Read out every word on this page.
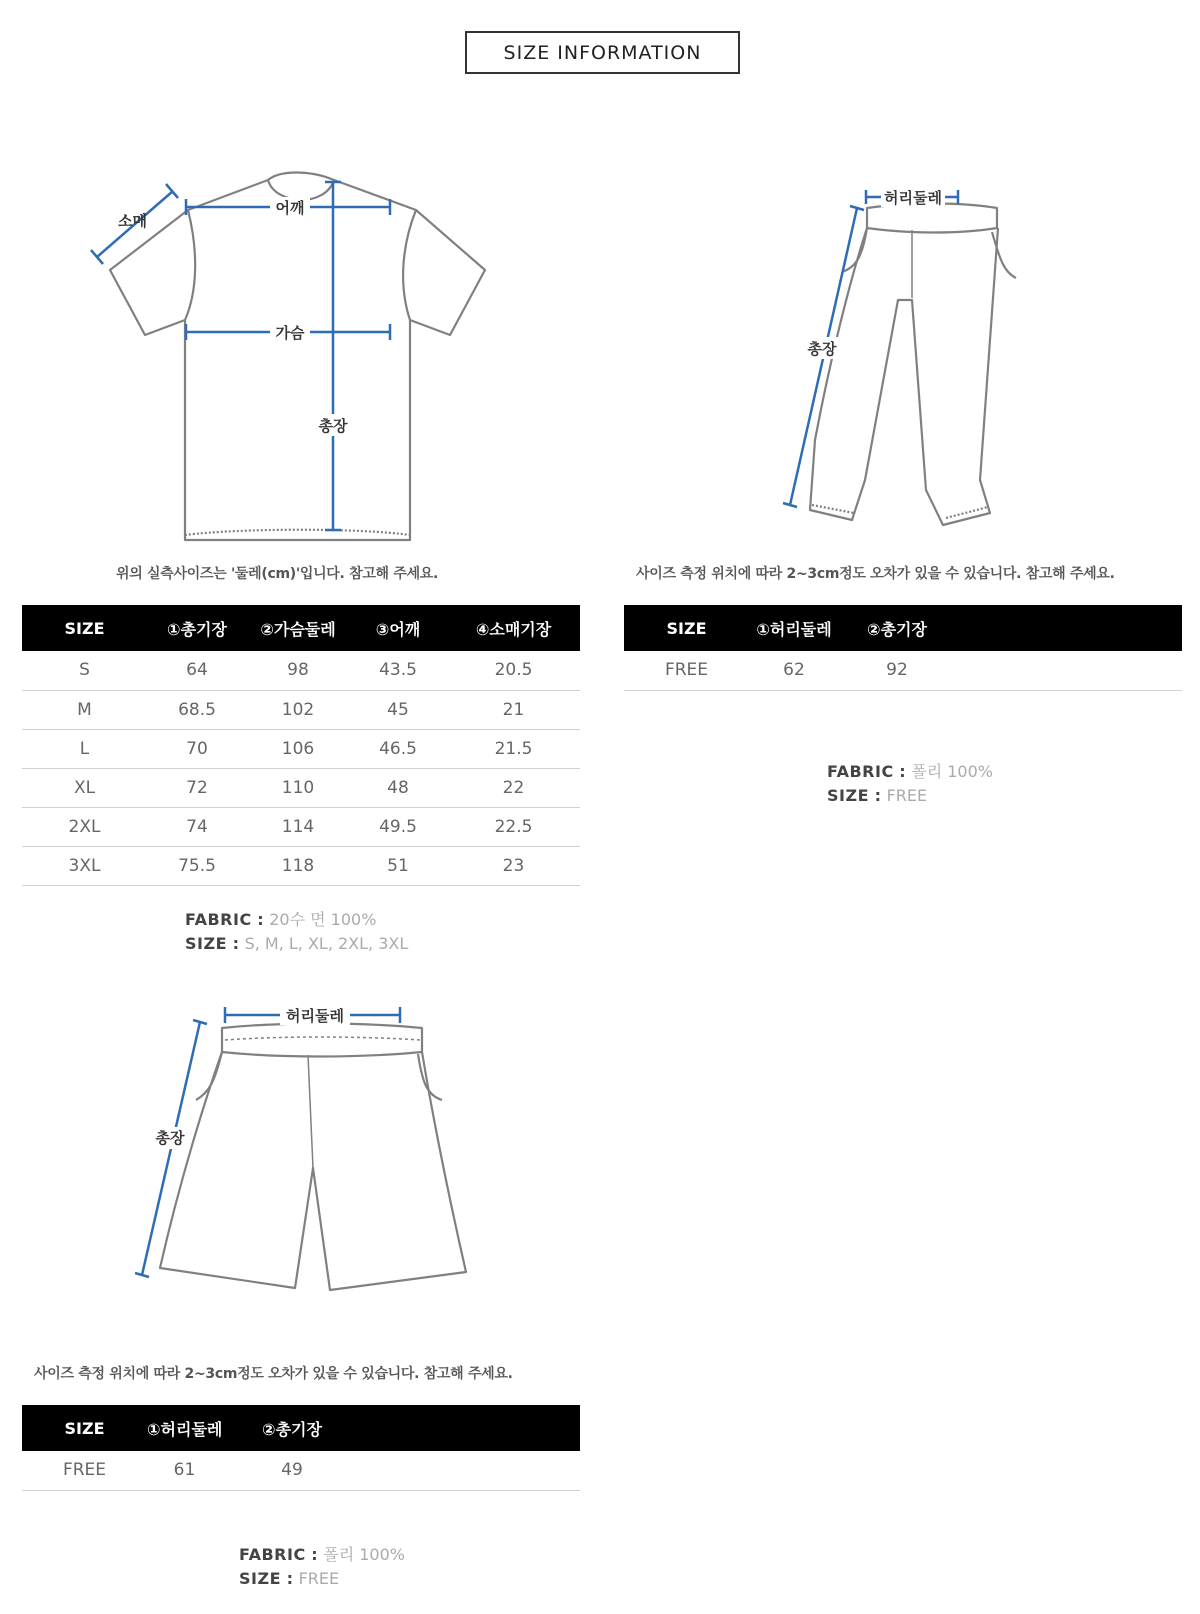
SIZE INFORMATION
어깨
가슴
총장
소매
위의 실측사이즈는 '둘레(cm)'입니다. 참고해 주세요.
SIZE	①총기장	②가슴둘레	③어깨	④소매기장
S	64	98	43.5	20.5
M	68.5	102	45	21
L	70	106	46.5	21.5
XL	72	110	48	22
2XL	74	114	49.5	22.5
3XL	75.5	118	51	23
FABRIC : 20수 면 100%
SIZE : S, M, L, XL, 2XL, 3XL
허리둘레
총장
사이즈 측정 위치에 따라 2~3cm정도 오차가 있을 수 있습니다. 참고해 주세요.
SIZE	①허리둘레	②총기장	
FREE	62	92	
FABRIC : 폴리 100%
SIZE : FREE
허리둘레
총장
사이즈 측정 위치에 따라 2~3cm정도 오차가 있을 수 있습니다. 참고해 주세요.
SIZE	①허리둘레	②총기장	
FREE	61	49	
FABRIC : 폴리 100%
SIZE : FREE
